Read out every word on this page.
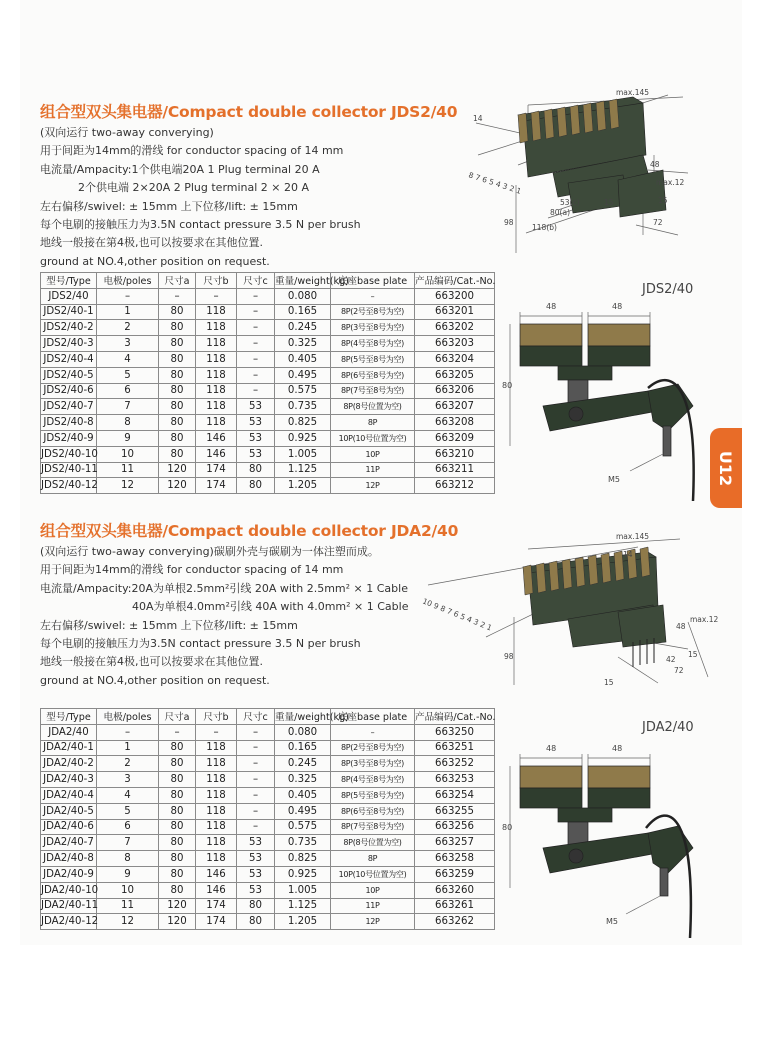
组合型双头集电器/Compact double collector JDS2/40
(双向运行 two-away converying)
用于间距为14mm的滑线 for conductor spacing of 14 mm
电流量/Ampacity:1个供电端20A 1 Plug terminal 20 A
2个供电端 2×20A 2 Plug terminal 2 × 20 A
左右偏移/swivel: ± 15mm 上下位移/lift: ± 15mm
每个电刷的接触压力为3.5N contact pressure 3.5 N per brush
地线一般接在第4极,也可以按要求在其他位置.
ground at NO.4,other position on request.
型号/Type	电极/poles	尺寸a	尺寸b	尺寸c	重量/weight(kg)	底座base plate	产品编码/Cat.-No.
JDS2/40	–	–	–	–	0.080	–	663200
JDS2/40-1	1	80	118	–	0.165	8P(2号至8号为空)	663201
JDS2/40-2	2	80	118	–	0.245	8P(3号至8号为空)	663202
JDS2/40-3	3	80	118	–	0.325	8P(4号至8号为空)	663203
JDS2/40-4	4	80	118	–	0.405	8P(5号至8号为空)	663204
JDS2/40-5	5	80	118	–	0.495	8P(6号至8号为空)	663205
JDS2/40-6	6	80	118	–	0.575	8P(7号至8号为空)	663206
JDS2/40-7	7	80	118	53	0.735	8P(8号位置为空)	663207
JDS2/40-8	8	80	118	53	0.825	8P	663208
JDS2/40-9	9	80	146	53	0.925	10P(10号位置为空)	663209
JDS2/40-10	10	80	146	53	1.005	10P	663210
JDS2/40-11	11	120	174	80	1.125	11P	663211
JDS2/40-12	12	120	174	80	1.205	12P	663212
max.145
14
48
max.12
53(c)
80(a)
118(b)
98	72
15	15
8 7 6 5 4 3 2 1
JDS2/40
48	48
80
M5	U12
组合型双头集电器/Compact double collector JDA2/40
(双向运行 two-away converying)碳刷外壳与碳刷为一体注塑而成。
用于间距为14mm的滑线 for conductor spacing of 14 mm
电流量/Ampacity:20A为单根2.5mm²引线 20A with 2.5mm² × 1 Cable
40A为单根4.0mm²引线 40A with 4.0mm² × 1 Cable
左右偏移/swivel: ± 15mm 上下位移/lift: ± 15mm
每个电刷的接触压力为3.5N contact pressure 3.5 N per brush
地线一般接在第4极,也可以按要求在其他位置.
ground at NO.4,other position on request.
型号/Type	电极/poles	尺寸a	尺寸b	尺寸c	重量/weight(kg)	底座base plate	产品编码/Cat.-No.
JDA2/40	–	–	–	–	0.080	–	663250
JDA2/40-1	1	80	118	–	0.165	8P(2号至8号为空)	663251
JDA2/40-2	2	80	118	–	0.245	8P(3号至8号为空)	663252
JDA2/40-3	3	80	118	–	0.325	8P(4号至8号为空)	663253
JDA2/40-4	4	80	118	–	0.405	8P(5号至8号为空)	663254
JDA2/40-5	5	80	118	–	0.495	8P(6号至8号为空)	663255
JDA2/40-6	6	80	118	–	0.575	8P(7号至8号为空)	663256
JDA2/40-7	7	80	118	53	0.735	8P(8号位置为空)	663257
JDA2/40-8	8	80	118	53	0.825	8P	663258
JDA2/40-9	9	80	146	53	0.925	10P(10号位置为空)	663259
JDA2/40-10	10	80	146	53	1.005	10P	663260
JDA2/40-11	11	120	174	80	1.125	11P	663261
JDA2/40-12	12	120	174	80	1.205	12P	663262
max.145
14
48
max.12
98	42
72
15
15
10 9 8 7 6 5 4 3 2 1
JDA2/40
48	48
80
M5
